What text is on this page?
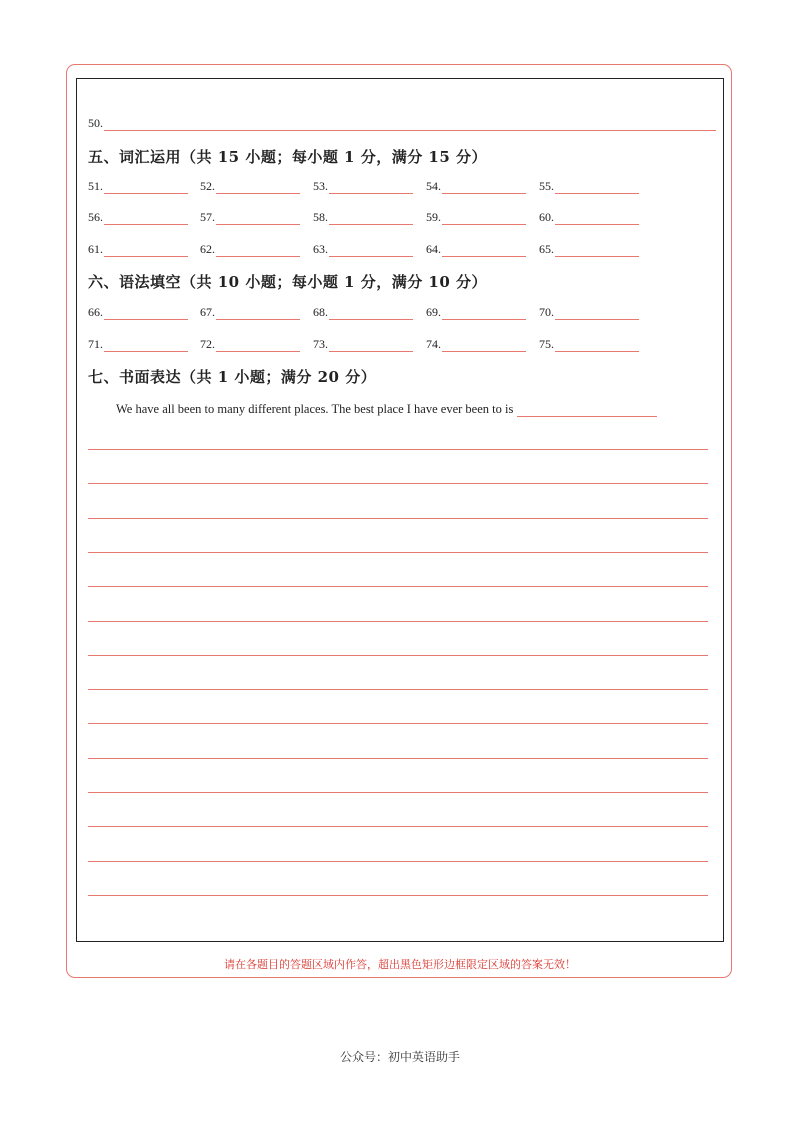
50.
五、词汇运用（共 15 小题；每小题 1 分，满分 15 分）
51.	52.	53.	54.	55.
56.	57.	58.	59.	60.
61.	62.	63.	64.	65.
六、语法填空（共 10 小题；每小题 1 分，满分 10 分）
66.	67.	68.	69.	70.
71.	72.	73.	74.	75.
七、书面表达（共 1 小题；满分 20 分）
We have all been to many different places. The best place I have ever been to is
请在各题目的答题区域内作答，超出黑色矩形边框限定区域的答案无效！
公众号：初中英语助手
